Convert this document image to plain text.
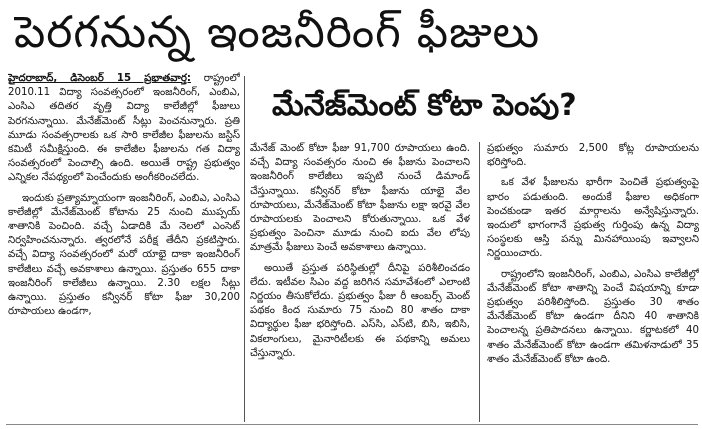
పెరగనున్న ఇంజనీరింగ్ ఫీజులు
మేనేజ్‌మెంట్ కోటా పెంపు?

హైదరాబాద్, డిసెంబర్ 15 ప్రభాతవార్త: రాష్ట్రంలో 2010.11 విద్యా సంవత్సరంలో ఇంజనీరింగ్, ఎంబిఎ, ఎంసిఎ తదితర వృత్తి విద్యా కాలేజీల్లో ఫీజులు పెరగనున్నాయి. మేనేజ్‌మెంట్ సీట్లు పెంచనున్నారు. ప్రతి మూడు సంవత్సరాలకు ఒక సారి కాలేజీల ఫీజులను జస్టిస్ కమిటీ సమీక్షిస్తుంది. ఈ కాలేజీల ఫీజులను గత విద్యా సంవత్సరంలో పెంచాల్సి ఉంది. అయితే రాష్ట్ర ప్రభుత్వం ఎన్నికల నేపథ్యంలో పెంచేందుకు అంగీకరించలేదు.

ఇందుకు ప్రత్యామ్నాయంగా ఇంజనీరింగ్, ఎంబిఎ, ఎంసిఎ కాలేజీల్లో మేనేజ్‌మెంట్ కోటాను 25 నుంచి ముప్పయ్ శాతానికి పెంచింది. వచ్చే ఏడాదికి మే నెలలో ఎంసెట్ నిర్వహించనున్నారు. త్వరలోనే పరీక్ష తేదీని ప్రకటిస్తారు. వచ్చే విద్యా సంవత్సరంలో మరో యాభై దాకా ఇంజనీరింగ్ కాలేజీలు వచ్చే అవకాశాలు ఉన్నాయి. ప్రస్తుతం 655 దాకా ఇంజనీరింగ్ కాలేజీలు ఉన్నాయి. 2.30 లక్షల సీట్లు ఉన్నాయి. ప్రస్తుతం కన్వీనర్ కోటా ఫీజు 30,200 రూపాయలు ఉండగా,

మేనేజ్ మెంట్ కోటా ఫీజు 91,700 రూపాయలు ఉంది. వచ్చే విద్యా సంవత్సరం నుంచి ఈ ఫీజును పెంచాలని ఇంజనీరింగ్ కాలేజీలు ఇప్పటి నుంచే డిమాండ్ చేస్తున్నాయి. కన్వీనర్ కోటా ఫీజును యాభై వేల రూపాయలు, మేనేజ్‌మెంట్ కోటా ఫీజును లక్షా ఇరవై వేల రూపాయలకు పెంచాలని కోరుతున్నాయి. ఒక వేళ ప్రభుత్వం పెంచినా మూడు నుంచి ఐదు వేల లోపు మాత్రమే ఫీజులు పెంచే అవకాశాలు ఉన్నాయి.

అయితే ప్రస్తుత పరిస్థితుల్లో దీనిపై పరిశీలించడం లేదు. ఇటీవల సిఎం వద్ద జరిగిన సమావేశంలో ఎలాంటి నిర్ణయం తీసుకోలేదు. ప్రభుత్వం ఫీజు రీ ఆంబర్స్ మెంట్ పథకం కింద సుమారు 75 నుంచి 80 శాతం దాకా విద్యార్థుల ఫీజు భరిస్తోంది. ఎస్‌సి, ఎస్‌టి, బిసి, ఇబిసి, వికలాంగులు, మైనారిటీలకు ఈ పథకాన్ని అమలు చేస్తున్నారు.

ప్రభుత్వం సుమారు 2,500 కోట్ల రూపాయలను భరిస్తోంది.

ఒక వేళ ఫీజులను భారీగా పెంచితే ప్రభుత్వంపై భారం పడుతుంది. అందుకే ఫీజుల అధికంగా పెంచకుండా ఇతర మార్గాలను అన్వేషిస్తున్నారు. ఇందులో భాగంగానే ప్రభుత్వ గుర్తింపు ఉన్న విద్యా సంస్థలకు ఆస్తి పన్ను మినహాయింపు ఇవ్వాలని నిర్ణయించారు.

రాష్ట్రంలోని ఇంజనీరింగ్, ఎంబిఎ, ఎంసిఎ కాలేజీల్లో మేనేజ్‌మెంట్ కోటా శాతాన్ని పెంచే విషయాన్ని కూడా ప్రభుత్వం పరిశీలిస్తోంది. ప్రస్తుతం 30 శాతం మేనేజ్‌మెంట్ కోటా ఉండగా దీనిని 40 శాతానికి పెంచాలన్న ప్రతిపాదనలు ఉన్నాయి. కర్ణాటకలో 40 శాతం మేనేజ్‌మెంట్ కోటా ఉండగా తమిళనాడులో 35 శాతం మేనేజ్‌మెంట్ కోటా ఉంది.
